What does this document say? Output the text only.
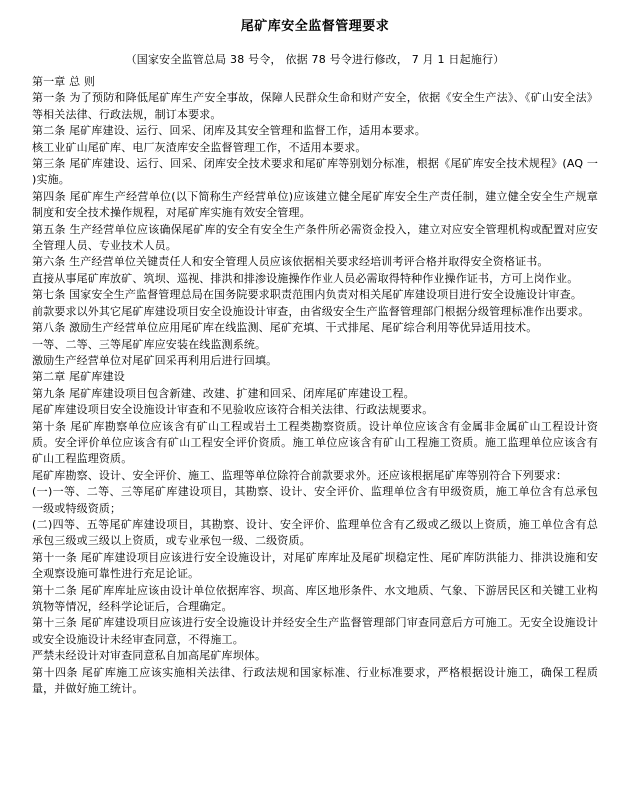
尾矿库安全监督管理要求
（国家安全监管总局 38 号令， 依据 78 号令进行修改， 7 月 1 日起施行）

第一章 总 则

第一条 为了预防和降低尾矿库生产安全事故，保障人民群众生命和财产安全，依据《安全生产法》、《矿山安全法》等相关法律、行政法规，制订本要求。

第二条 尾矿库建设、运行、回采、闭库及其安全管理和监督工作，适用本要求。

核工业矿山尾矿库、电厂灰渣库安全监督管理工作，不适用本要求。

第三条 尾矿库建设、运行、回采、闭库安全技术要求和尾矿库等别划分标准，根据《尾矿库安全技术规程》(AQ 一 )实施。

第四条 尾矿库生产经营单位(以下简称生产经营单位)应该建立健全尾矿库安全生产责任制，建立健全安全生产规章制度和安全技术操作规程，对尾矿库实施有效安全管理。

第五条 生产经营单位应该确保尾矿库的安全有安全生产条件所必需资金投入，建立对应安全管理机构或配置对应安全管理人员、专业技术人员。

第六条 生产经营单位关键责任人和安全管理人员应该依据相关要求经培训考评合格并取得安全资格证书。

直接从事尾矿库放矿、筑坝、巡视、排洪和排渗设施操作作业人员必需取得特种作业操作证书，方可上岗作业。

第七条 国家安全生产监督管理总局在国务院要求职责范围内负责对相关尾矿库建设项目进行安全设施设计审查。

前款要求以外其它尾矿库建设项目安全设施设计审查，由省级安全生产监督管理部门根据分级管理标准作出要求。

第八条 激励生产经营单位应用尾矿库在线监测、尾矿充填、干式排尾、尾矿综合利用等优异适用技术。

一等、二等、三等尾矿库应安装在线监测系统。

激励生产经营单位对尾矿回采再利用后进行回填。

第二章 尾矿库建设

第九条 尾矿库建设项目包含新建、改建、扩建和回采、闭库尾矿库建设工程。

尾矿库建设项目安全设施设计审查和不见验收应该符合相关法律、行政法规要求。

第十条 尾矿库勘察单位应该含有矿山工程或岩土工程类勘察资质。设计单位应该含有金属非金属矿山工程设计资质。安全评价单位应该含有矿山工程安全评价资质。施工单位应该含有矿山工程施工资质。施工监理单位应该含有矿山工程监理资质。

尾矿库勘察、设计、安全评价、施工、监理等单位除符合前款要求外。还应该根据尾矿库等别符合下列要求：

(一)一等、二等、三等尾矿库建设项目，其勘察、设计、安全评价、监理单位含有甲级资质，施工单位含有总承包一级或特级资质；

(二)四等、五等尾矿库建设项目，其勘察、设计、安全评价、监理单位含有乙级或乙级以上资质，施工单位含有总承包三级或三级以上资质，或专业承包一级、二级资质。

第十一条 尾矿库建设项目应该进行安全设施设计，对尾矿库库址及尾矿坝稳定性、尾矿库防洪能力、排洪设施和安全观察设施可靠性进行充足论证。

第十二条 尾矿库库址应该由设计单位依据库容、坝高、库区地形条件、水文地质、气象、下游居民区和关键工业构筑物等情况，经科学论证后，合理确定。

第十三条 尾矿库建设项目应该进行安全设施设计并经安全生产监督管理部门审查同意后方可施工。无安全设施设计或安全设施设计未经审查同意，不得施工。

严禁未经设计对审查同意私自加高尾矿库坝体。

第十四条 尾矿库施工应该实施相关法律、行政法规和国家标准、行业标准要求，严格根据设计施工，确保工程质量，并做好施工统计。
